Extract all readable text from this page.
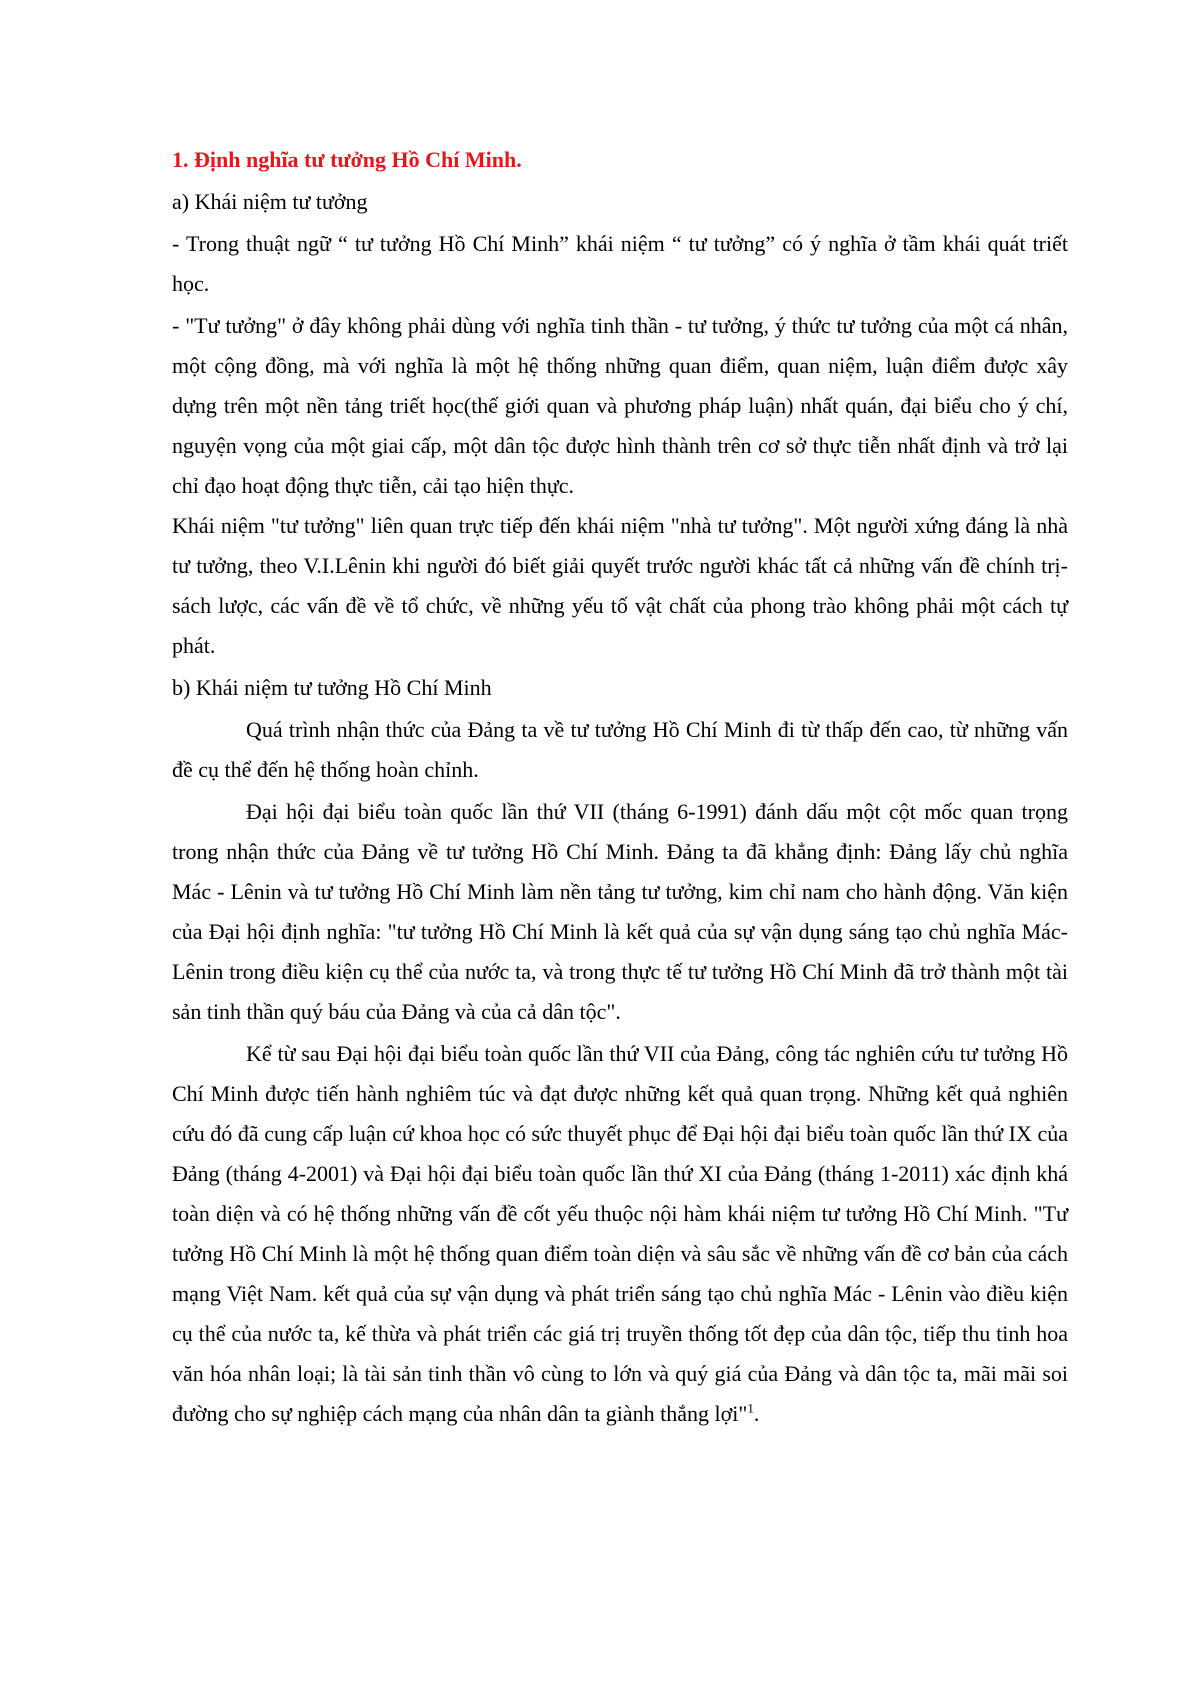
1. Định nghĩa tư tưởng Hồ Chí Minh.

a) Khái niệm tư tưởng

- Trong thuật ngữ “ tư tưởng Hồ Chí Minh” khái niệm “ tư tưởng” có ý nghĩa ở tầm khái quát triết học.

- "Tư tưởng" ở đây không phải dùng với nghĩa tinh thần - tư tưởng, ý thức tư tưởng của một cá nhân, một cộng đồng, mà với nghĩa là một hệ thống những quan điểm, quan niệm, luận điểm được xây dựng trên một nền tảng triết học(thế giới quan và phương pháp luận) nhất quán, đại biểu cho ý chí, nguyện vọng của một giai cấp, một dân tộc được hình thành trên cơ sở thực tiễn nhất định và trở lại chỉ đạo hoạt động thực tiễn, cải tạo hiện thực.

Khái niệm "tư tưởng" liên quan trực tiếp đến khái niệm "nhà tư tưởng". Một người xứng đáng là nhà tư tưởng, theo V.I.Lênin khi người đó biết giải quyết trước người khác tất cả những vấn đề chính trị-sách lược, các vấn đề về tổ chức, về những yếu tố vật chất của phong trào không phải một cách tự phát.

b) Khái niệm tư tưởng Hồ Chí Minh

Quá trình nhận thức của Đảng ta về tư tưởng Hồ Chí Minh đi từ thấp đến cao, từ những vấn đề cụ thể đến hệ thống hoàn chỉnh.

Đại hội đại biểu toàn quốc lần thứ VII (tháng 6-1991) đánh dấu một cột mốc quan trọng trong nhận thức của Đảng về tư tưởng Hồ Chí Minh. Đảng ta đã khẳng định: Đảng lấy chủ nghĩa Mác - Lênin và tư tưởng Hồ Chí Minh làm nền tảng tư tưởng, kim chỉ nam cho hành động. Văn kiện của Đại hội định nghĩa: "tư tưởng Hồ Chí Minh là kết quả của sự vận dụng sáng tạo chủ nghĩa Mác-Lênin trong điều kiện cụ thể của nước ta, và trong thực tế tư tưởng Hồ Chí Minh đã trở thành một tài sản tinh thần quý báu của Đảng và của cả dân tộc".

Kể từ sau Đại hội đại biểu toàn quốc lần thứ VII của Đảng, công tác nghiên cứu tư tưởng Hồ Chí Minh được tiến hành nghiêm túc và đạt được những kết quả quan trọng. Những kết quả nghiên cứu đó đã cung cấp luận cứ khoa học có sức thuyết phục để Đại hội đại biểu toàn quốc lần thứ IX của Đảng (tháng 4-2001) và Đại hội đại biểu toàn quốc lần thứ XI của Đảng (tháng 1-2011) xác định khá toàn diện và có hệ thống những vấn đề cốt yếu thuộc nội hàm khái niệm tư tưởng Hồ Chí Minh. "Tư tưởng Hồ Chí Minh là một hệ thống quan điểm toàn diện và sâu sắc về những vấn đề cơ bản của cách mạng Việt Nam. kết quả của sự vận dụng và phát triển sáng tạo chủ nghĩa Mác - Lênin vào điều kiện cụ thể của nước ta, kế thừa và phát triển các giá trị truyền thống tốt đẹp của dân tộc, tiếp thu tinh hoa văn hóa nhân loại; là tài sản tinh thần vô cùng to lớn và quý giá của Đảng và dân tộc ta, mãi mãi soi đường cho sự nghiệp cách mạng của nhân dân ta giành thắng lợi"$^1$.
